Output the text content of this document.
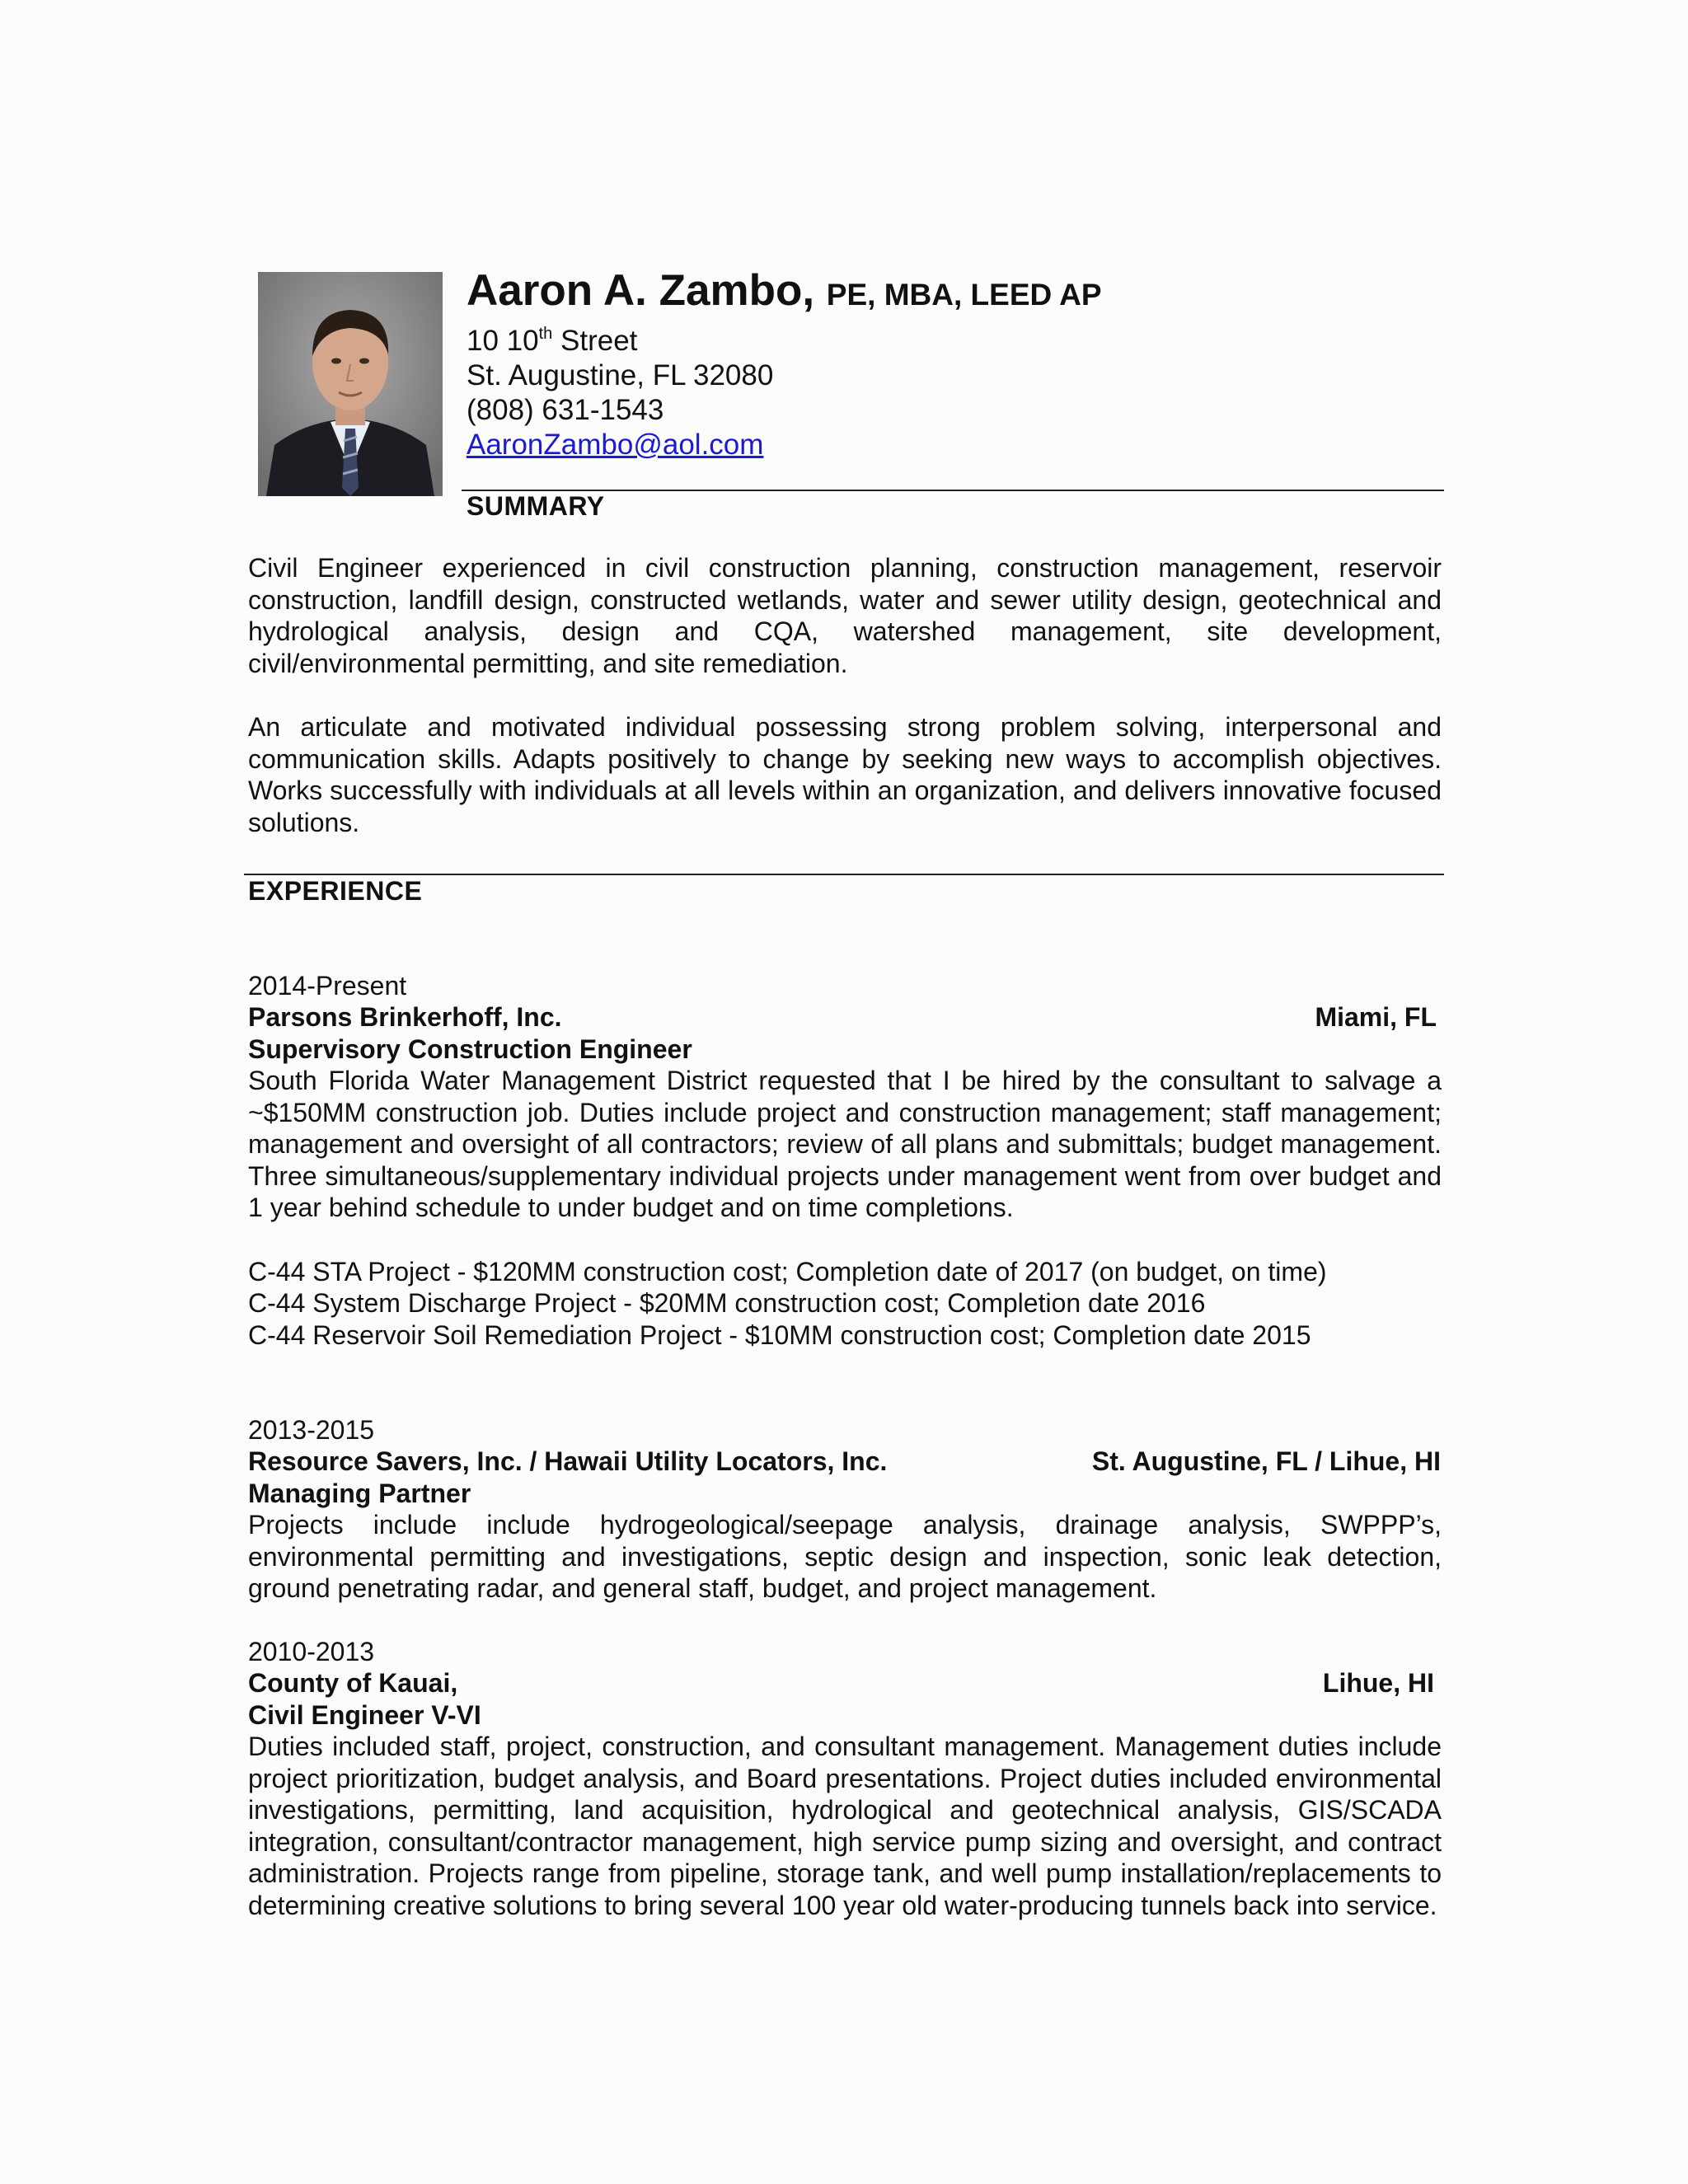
Aaron A. Zambo, PE, MBA, LEED AP
10 10th Street
St. Augustine, FL 32080
(808) 631-1543
AaronZambo@aol.com
SUMMARY
Civil Engineer experienced in civil construction planning, construction management, reservoir construction, landfill design, constructed wetlands, water and sewer utility design, geotechnical and hydrological analysis, design and CQA, watershed management, site development, civil/environmental permitting, and site remediation.
An articulate and motivated individual possessing strong problem solving, interpersonal and communication skills. Adapts positively to change by seeking new ways to accomplish objectives. Works successfully with individuals at all levels within an organization, and delivers innovative focused solutions.
EXPERIENCE
2014-Present
Parsons Brinkerhoff, Inc.	Miami, FL
Supervisory Construction Engineer
South Florida Water Management District requested that I be hired by the consultant to salvage a ~$150MM construction job. Duties include project and construction management; staff management; management and oversight of all contractors; review of all plans and submittals; budget management. Three simultaneous/supplementary individual projects under management went from over budget and 1 year behind schedule to under budget and on time completions.
C-44 STA Project - $120MM construction cost; Completion date of 2017 (on budget, on time)
C-44 System Discharge Project - $20MM construction cost; Completion date 2016
C-44 Reservoir Soil Remediation Project - $10MM construction cost; Completion date 2015
2013-2015
Resource Savers, Inc. / Hawaii Utility Locators, Inc.	St. Augustine, FL / Lihue, HI
Managing Partner
Projects include include hydrogeological/seepage analysis, drainage analysis, SWPPP’s, environmental permitting and investigations, septic design and inspection, sonic leak detection, ground penetrating radar, and general staff, budget, and project management.
2010-2013
County of Kauai,	Lihue, HI
Civil Engineer V-VI
Duties included staff, project, construction, and consultant management. Management duties include project prioritization, budget analysis, and Board presentations. Project duties included environmental investigations, permitting, land acquisition, hydrological and geotechnical analysis, GIS/SCADA integration, consultant/contractor management, high service pump sizing and oversight, and contract administration. Projects range from pipeline, storage tank, and well pump installation/replacements to determining creative solutions to bring several 100 year old water-producing tunnels back into service.
